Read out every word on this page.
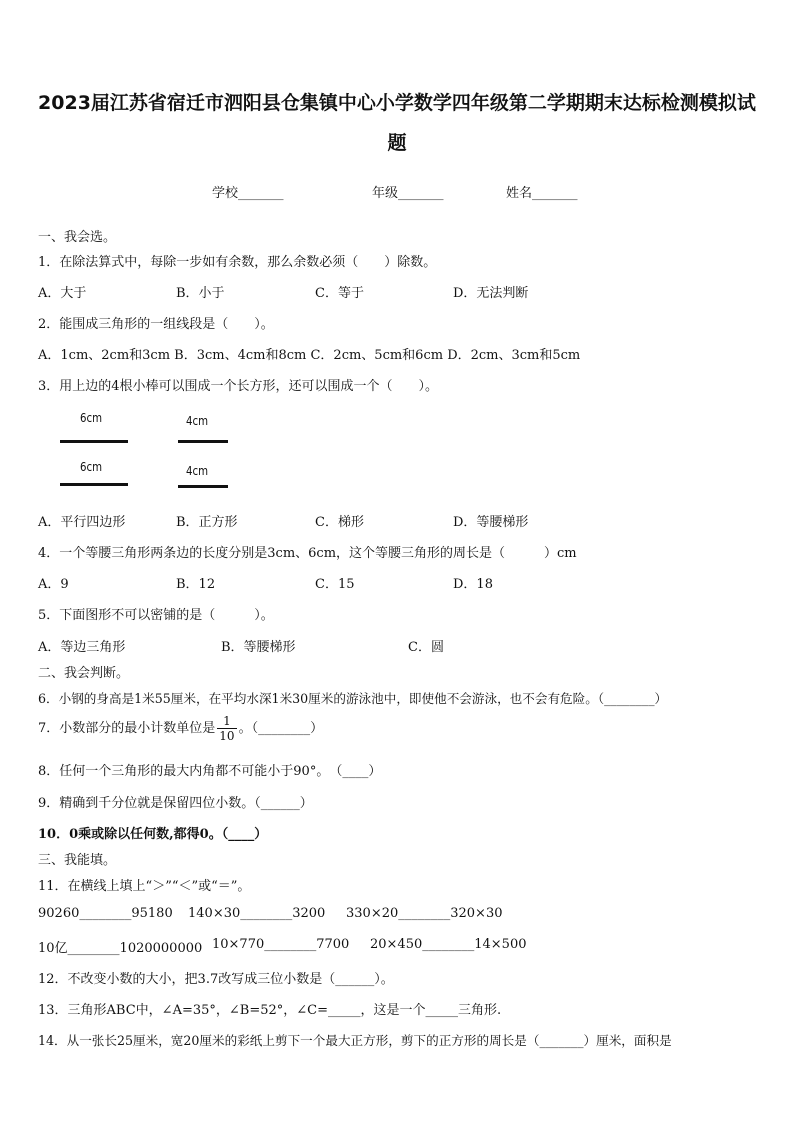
2023届江苏省宿迁市泗阳县仓集镇中心小学数学四年级第二学期期末达标检测模拟试
题
学校_______	年级_______	姓名_______
一、我会选。
1．在除法算式中，每除一步如有余数，那么余数必须（　　）除数。
A．大于	B．小于	C．等于	D．无法判断
2．能围成三角形的一组线段是（　　）。
A．1cm、2cm和3cm B．3cm、4cm和8cm C．2cm、5cm和6cm D．2cm、3cm和5cm
3．用上边的4根小棒可以围成一个长方形，还可以围成一个（　　）。
6cm	4cm
6cm	4cm
A．平行四边形	B．正方形	C．梯形	D．等腰梯形
4．一个等腰三角形两条边的长度分别是3cm、6cm，这个等腰三角形的周长是（　　　）cm
A．9	B．12	C．15	D．18
5．下面图形不可以密铺的是（　　　）。
A．等边三角形	B．等腰梯形	C．圆
二、我会判断。
6．小钢的身高是1米55厘米，在平均水深1米30厘米的游泳池中，即使他不会游泳，也不会有危险。（________）
7．小数部分的最小计数单位是 $\frac{1}{10}$ 。（________）
8．任何一个三角形的最大内角都不可能小于90°。　（____）
9．精确到千分位就是保留四位小数。（______）
10．0乘或除以任何数,都得0。（____）
三、我能填。
11．在横线上填上“＞”“＜”或“＝”。
90260________95180 140×30________3200 330×20________320×30
10亿________1020000000 10×770________7700 20×450________14×500
12．不改变小数的大小，把3.7改写成三位小数是（______）。
13．三角形ABC中，∠A=35°，∠B=52°，∠C=_____，这是一个_____三角形.
14．从一张长25厘米，宽20厘米的彩纸上剪下一个最大正方形，剪下的正方形的周长是（_______）厘米，面积是
